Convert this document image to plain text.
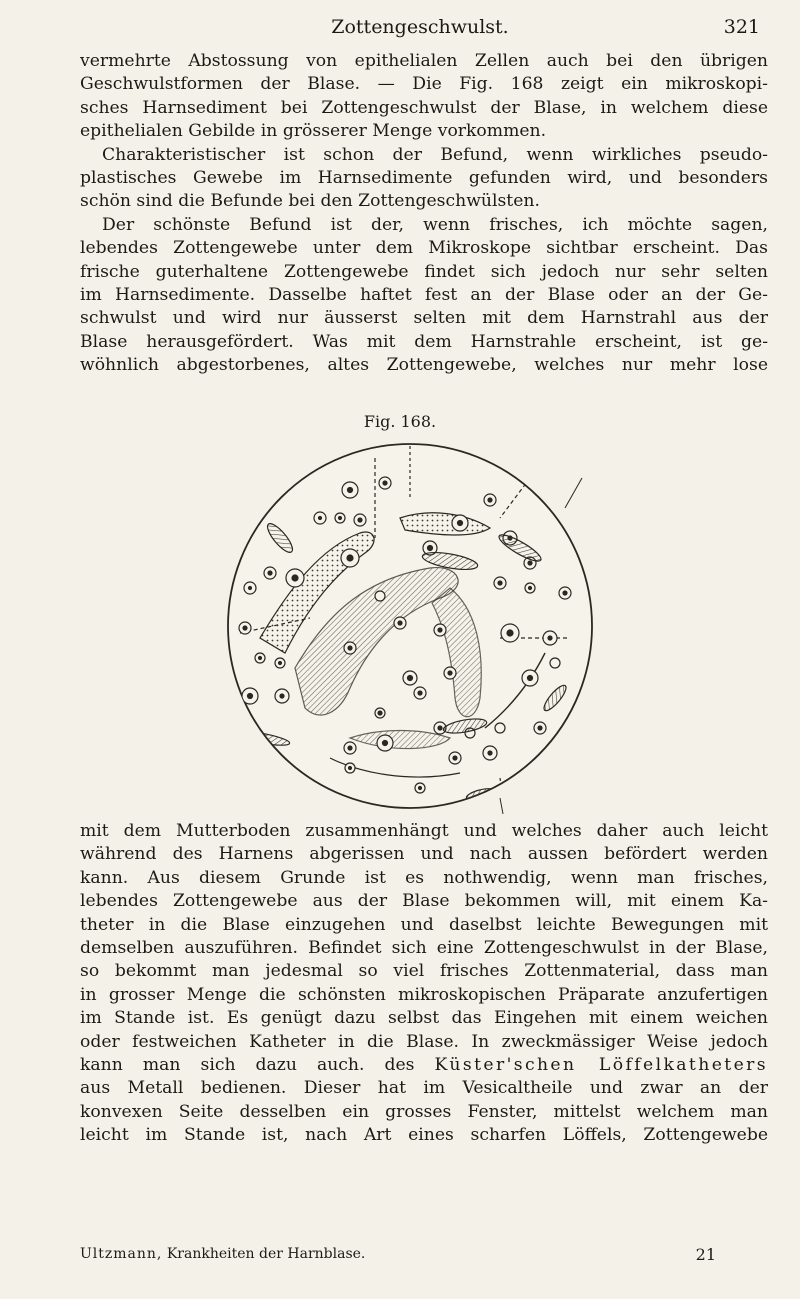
Zottengeschwulst.	321
vermehrte Abstossung von epithelialen Zellen auch bei den übrigen
Geschwulstformen der Blase. — Die Fig. 168 zeigt ein mikroskopi-
sches Harnsediment bei Zottengeschwulst der Blase, in welchem diese
epithelialen Gebilde in grösserer Menge vorkommen.
Charakteristischer ist schon der Befund, wenn wirkliches pseudo-
plastisches Gewebe im Harnsedimente gefunden wird, und besonders
schön sind die Befunde bei den Zottengeschwülsten.
Der schönste Befund ist der, wenn frisches, ich möchte sagen,
lebendes Zottengewebe unter dem Mikroskope sichtbar erscheint. Das
frische guterhaltene Zottengewebe findet sich jedoch nur sehr selten
im Harnsedimente. Dasselbe haftet fest an der Blase oder an der Ge-
schwulst und wird nur äusserst selten mit dem Harnstrahl aus der
Blase herausgefördert. Was mit dem Harnstrahle erscheint, ist ge-
wöhnlich abgestorbenes, altes Zottengewebe, welches nur mehr lose
Fig. 168.
mit dem Mutterboden zusammenhängt und welches daher auch leicht
während des Harnens abgerissen und nach aussen befördert werden
kann. Aus diesem Grunde ist es nothwendig, wenn man frisches,
lebendes Zottengewebe aus der Blase bekommen will, mit einem Ka-
theter in die Blase einzugehen und daselbst leichte Bewegungen mit
demselben auszuführen. Befindet sich eine Zottengeschwulst in der Blase,
so bekommt man jedesmal so viel frisches Zottenmaterial, dass man
in grosser Menge die schönsten mikroskopischen Präparate anzufertigen
im Stande ist. Es genügt dazu selbst das Eingehen mit einem weichen
oder festweichen Katheter in die Blase. In zweckmässiger Weise jedoch
kann man sich dazu auch. des Küster'schen Löffelkatheters
aus Metall bedienen. Dieser hat im Vesicaltheile und zwar an der
konvexen Seite desselben ein grosses Fenster, mittelst welchem man
leicht im Stande ist, nach Art eines scharfen Löffels, Zottengewebe
Ultzmann, Krankheiten der Harnblase.	21
